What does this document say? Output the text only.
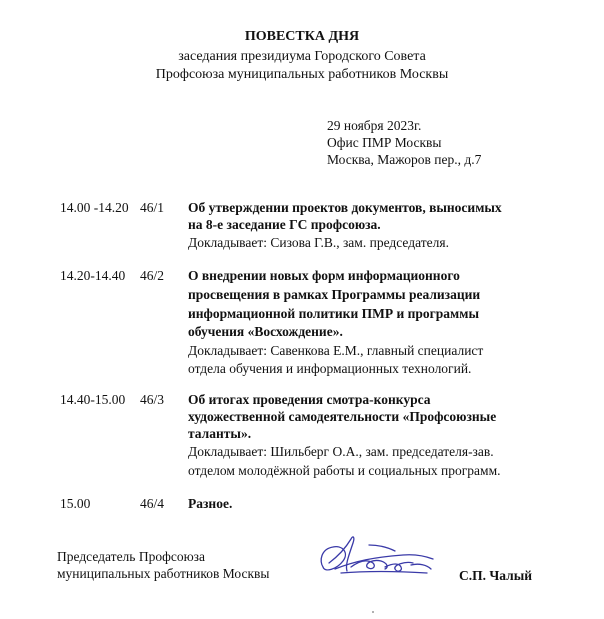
ПОВЕСТКА ДНЯ
заседания президиума Городского Совета
Профсоюза муниципальных работников Москвы
29 ноября 2023г.
Офис ПМР Москвы
Москва, Мажоров пер., д.7
14.00 -14.20 46/1 Об утверждении проектов документов, выносимых
на 8-е заседание ГС профсоюза.
Докладывает: Сизова Г.В., зам. председателя.
14.20-14.40 46/2 О внедрении новых форм информационного
просвещения в рамках Программы реализации
информационной политики ПМР и программы
обучения «Восхождение».
Докладывает: Савенкова Е.М., главный специалист
отдела обучения и информационных технологий.
14.40-15.00 46/3 Об итогах проведения смотра-конкурса
художественной самодеятельности «Профсоюзные
таланты».
Докладывает: Шильберг О.А., зам. председателя-зав.
отделом молодёжной работы и социальных программ.
15.00	46/4 Разное.
Председатель Профсоюза
муниципальных работников Москвы	С.П. Чалый
